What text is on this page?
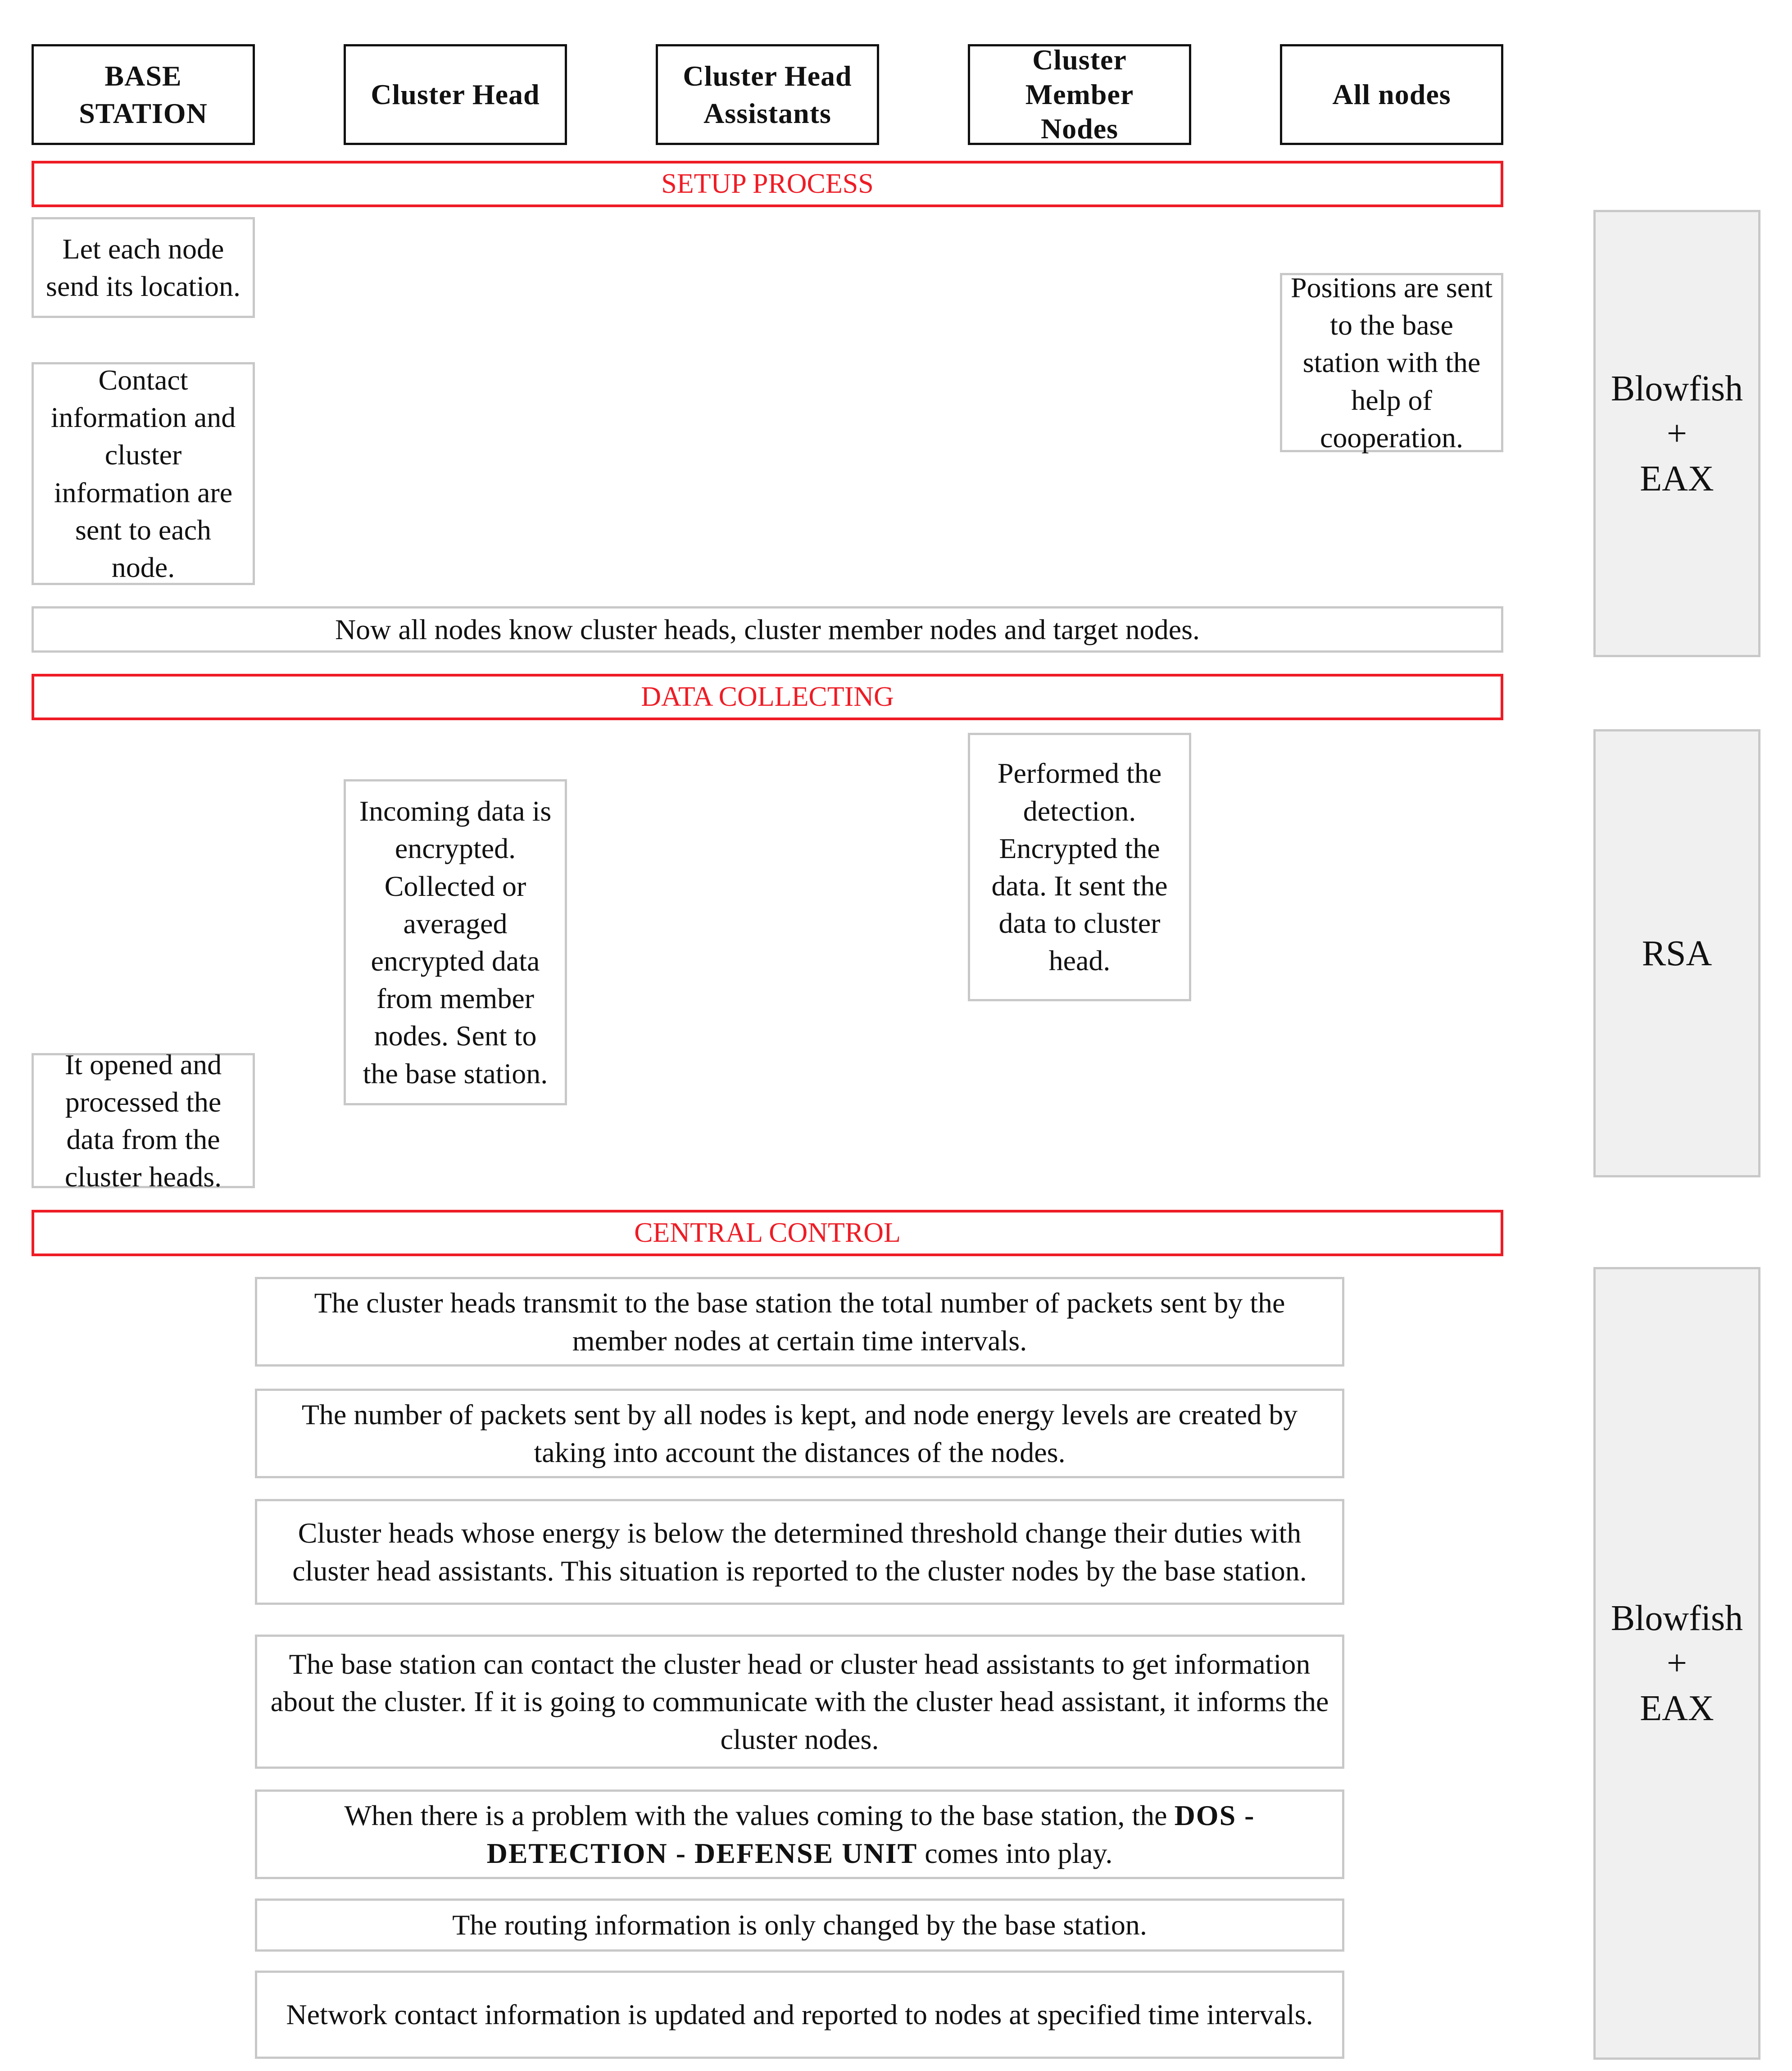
BASE
STATION
Cluster Head
Cluster Head
Assistants
Cluster
Member
Nodes
All nodes
SETUP PROCESS
Let each node send its location.
Contact information and cluster information are sent to each node.
Positions are sent to the base station with the help of cooperation.
Now all nodes know cluster heads, cluster member nodes and target nodes.
DATA COLLECTING
Incoming data is encrypted. Collected or averaged encrypted data from member nodes. Sent to the base station.
Performed the detection. Encrypted the data. It sent the data to cluster head.
It opened and processed the data from the cluster heads.
CENTRAL CONTROL
The cluster heads transmit to the base station the total number of packets sent by the member nodes at certain time intervals.
The number of packets sent by all nodes is kept, and node energy levels are created by taking into account the distances of the nodes.
Cluster heads whose energy is below the determined threshold change their duties with cluster head assistants. This situation is reported to the cluster nodes by the base station.
The base station can contact the cluster head or cluster head assistants to get information about the cluster. If it is going to communicate with the cluster head assistant, it informs the cluster nodes.
When there is a problem with the values coming to the base station, the DOS - DETECTION - DEFENSE UNIT comes into play.
The routing information is only changed by the base station.
Network contact information is updated and reported to nodes at specified time intervals.
Blowfish
+
EAX
RSA
Blowfish
+
EAX
